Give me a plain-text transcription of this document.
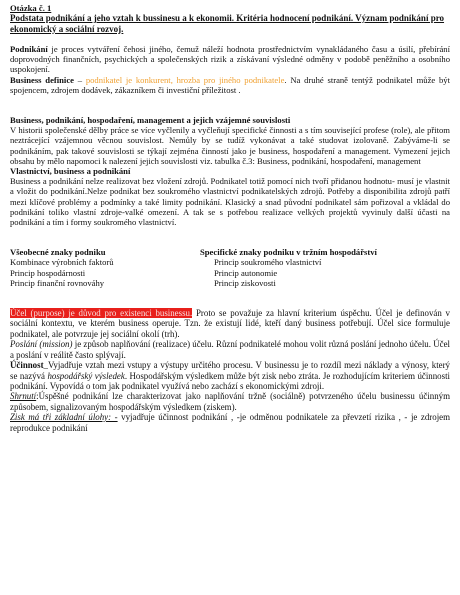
Otázka č. 1

Podstata podnikání a jeho vztah k bussinesu a k ekonomii. Kritéria hodnocení podnikání. Význam podnikání pro ekonomický a sociální rozvoj.

Podnikání je proces vytváření čehosi jiného, čemuž náleží hodnota prostřednictvím vynakládaného času a úsilí, přebírání doprovodných finančních, psychických a společenských rizik a získávaní výsledné odměny v podobě peněžního a osobního uspokojení.

Business definice – podnikatel je konkurent, hrozba pro jiného podnikatele. Na druhé straně tentýž podnikatel může být spojencem, zdrojem dodávek, zákazníkem či investiční příležitost .

Business, podnikání, hospodaření, management a jejich vzájemné souvislosti

V historii společenské dělby práce se více vyčlenily a vyčleňují specifické činnosti a s tím související profese (role), ale přitom neztrácející vzájemnou věcnou souvislost. Nemůly by se tudíž vykonávat a také studovat izolovaně. Zabýváme-li se podnikáním, pak takové souvislosti se týkají zejména činností jako je business, hospodaření a management. Vymezení jejich obsahu by mělo napomoci k nalezení jejich souvislosti viz. tabulka č.3: Business, podnikání, hospodaření, management

Vlastnictví, business a podnikání

Business a podnikání nelze realizovat bez vložení zdrojů. Podnikatel totiž pomocí nich tvoří přidanou hodnotu- musí je vlastnit a vložit do podnikání.Nelze podnikat bez soukromého vlastnictví podnikatelských zdrojů. Potřeby a disponibilita zdrojů patří mezi klíčové problémy a podmínky a také limity podnikání. Klasický a snad původní podnikatel sám pořizoval a vkládal do podnikání toliko vlastní zdroje-valké omezení. A tak se s potřebou realizace velkých projektů vyvinuly další účasti na podnikání a tím i formy soukromého vlastnictví.

Všeobecné znaky podniku

Kombinace výrobních faktorů

Princip hospodárnosti

Princip finanční rovnováhy

Specifické znaky podniku v tržním hospodářství

Princip soukromého vlastnictví

Princip autonomie

Princip ziskovosti

Účel (purpose) je důvod pro existenci businessu. Proto se považuje za hlavní kriterium úspěchu. Účel je definován v sociální kontextu, ve kterém business operuje. Tzn. že existují lidé, kteří daný business potřebují. Účel sice formuluje podnikatel, ale potvrzuje jej sociální okolí (trh).

Poslání (mission) je způsob naplňování (realizace) účelu. Různí podnikatelé mohou volit různá poslání jednoho účelu. Účel a poslání v reálitě často splývají.

Účinnost_Vyjadřuje vztah mezi vstupy a výstupy určitého procesu. V businessu je to rozdíl mezi náklady a výnosy, který se nazývá hospodářský výsledek. Hospodářským výsledkem může být zisk nebo ztráta. Je rozhodujícím kriteriem účinnosti podnikání. Vypovídá o tom jak podnikatel využívá nebo zachází s ekonomickými zdroji.

Shrnutí:Úspěšné podnikání lze charakterizovat jako naplňování tržně (sociálně) potvrzeného účelu businessu účinným způsobem, signalizovaným hospodářským výsledkem (ziskem).

Zisk má tři základní úlohy: - vyjadřuje účinnost podnikání , -je odměnou podnikatele za převzetí rizika , - je zdrojem reprodukce podnikání
